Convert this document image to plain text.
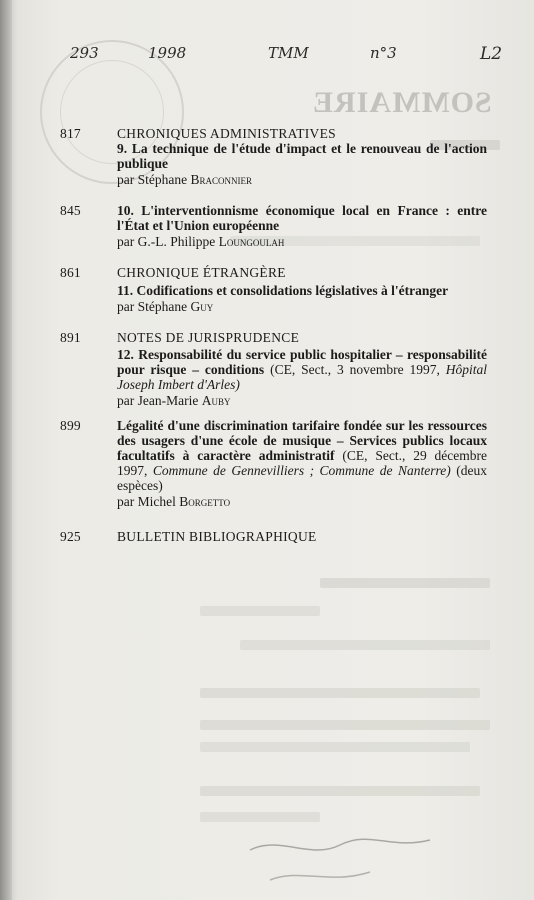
SOMMAIRE
293	1998	TMM	n°3	L2
817	CHRONIQUES ADMINISTRATIVES
9. La technique de l'étude d'impact et le renouveau de l'action publique
par Stéphane Braconnier
845	10. L'interventionnisme économique local en France : entre l'État et l'Union européenne
par G.-L. Philippe Loungoulah
861	CHRONIQUE ÉTRANGÈRE
11. Codifications et consolidations législatives à l'étranger
par Stéphane Guy
891	NOTES DE JURISPRUDENCE
12. Responsabilité du service public hospitalier – responsabilité pour risque – conditions (CE, Sect., 3 novembre 1997, Hôpital Joseph Imbert d'Arles)
par Jean-Marie Auby
899	Légalité d'une discrimination tarifaire fondée sur les ressources des usagers d'une école de musique – Services publics locaux facultatifs à caractère administratif (CE, Sect., 29 décembre 1997, Commune de Gennevilliers ; Commune de Nanterre) (deux espèces)
par Michel Borgetto
925	BULLETIN BIBLIOGRAPHIQUE
